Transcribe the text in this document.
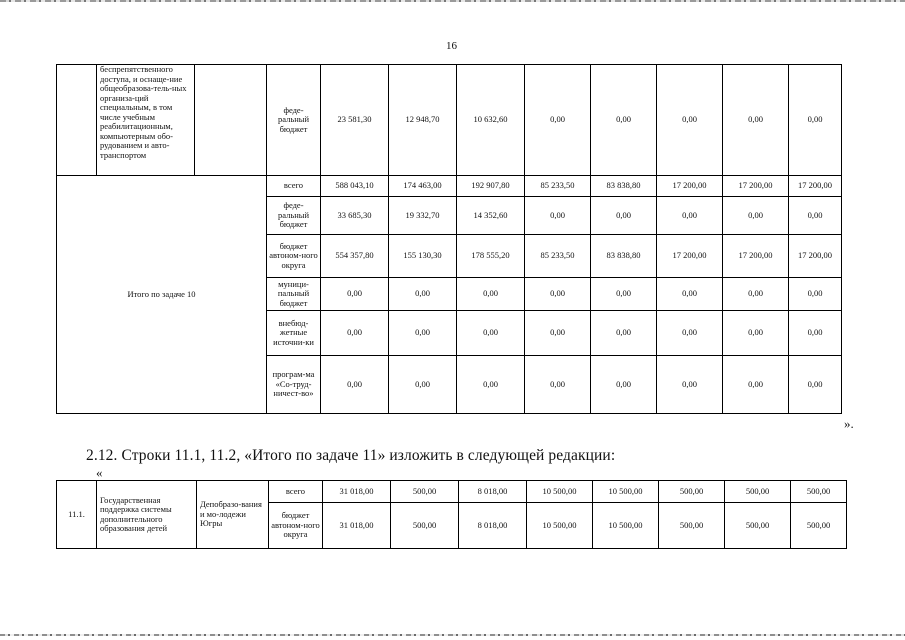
16
	беспрепятственного доступа, и оснаще-ние общеобразова-тель-ных организа-ций специальным, в том числе учебным реабилитационным, компьютерным обо-рудованием и авто-транспортом		феде-ральный бюджет	23 581,30	12 948,70	10 632,60	0,00	0,00	0,00	0,00	0,00
Итого по задаче 10			всего	588 043,10	174 463,00	192 907,80	85 233,50	83 838,80	17 200,00	17 200,00	17 200,00
			феде-ральный бюджет	33 685,30	19 332,70	14 352,60	0,00	0,00	0,00	0,00	0,00
			бюджет автоном-ного округа	554 357,80	155 130,30	178 555,20	85 233,50	83 838,80	17 200,00	17 200,00	17 200,00
			муници-пальный бюджет	0,00	0,00	0,00	0,00	0,00	0,00	0,00	0,00
			внебюд-жетные источни-ки	0,00	0,00	0,00	0,00	0,00	0,00	0,00	0,00
			програм-ма «Со-труд-ничест-во»	0,00	0,00	0,00	0,00	0,00	0,00	0,00	0,00
».
2.12. Строки 11.1, 11.2, «Итого по задаче 11» изложить в следующей редакции:
«
11.1.	Государственная поддержка системы дополнительного образования детей	Депобразо-вания и мо-лодежи Югры	всего	31 018,00	500,00	8 018,00	10 500,00	10 500,00	500,00	500,00	500,00
			бюджет автоном-ного округа	31 018,00	500,00	8 018,00	10 500,00	10 500,00	500,00	500,00	500,00
